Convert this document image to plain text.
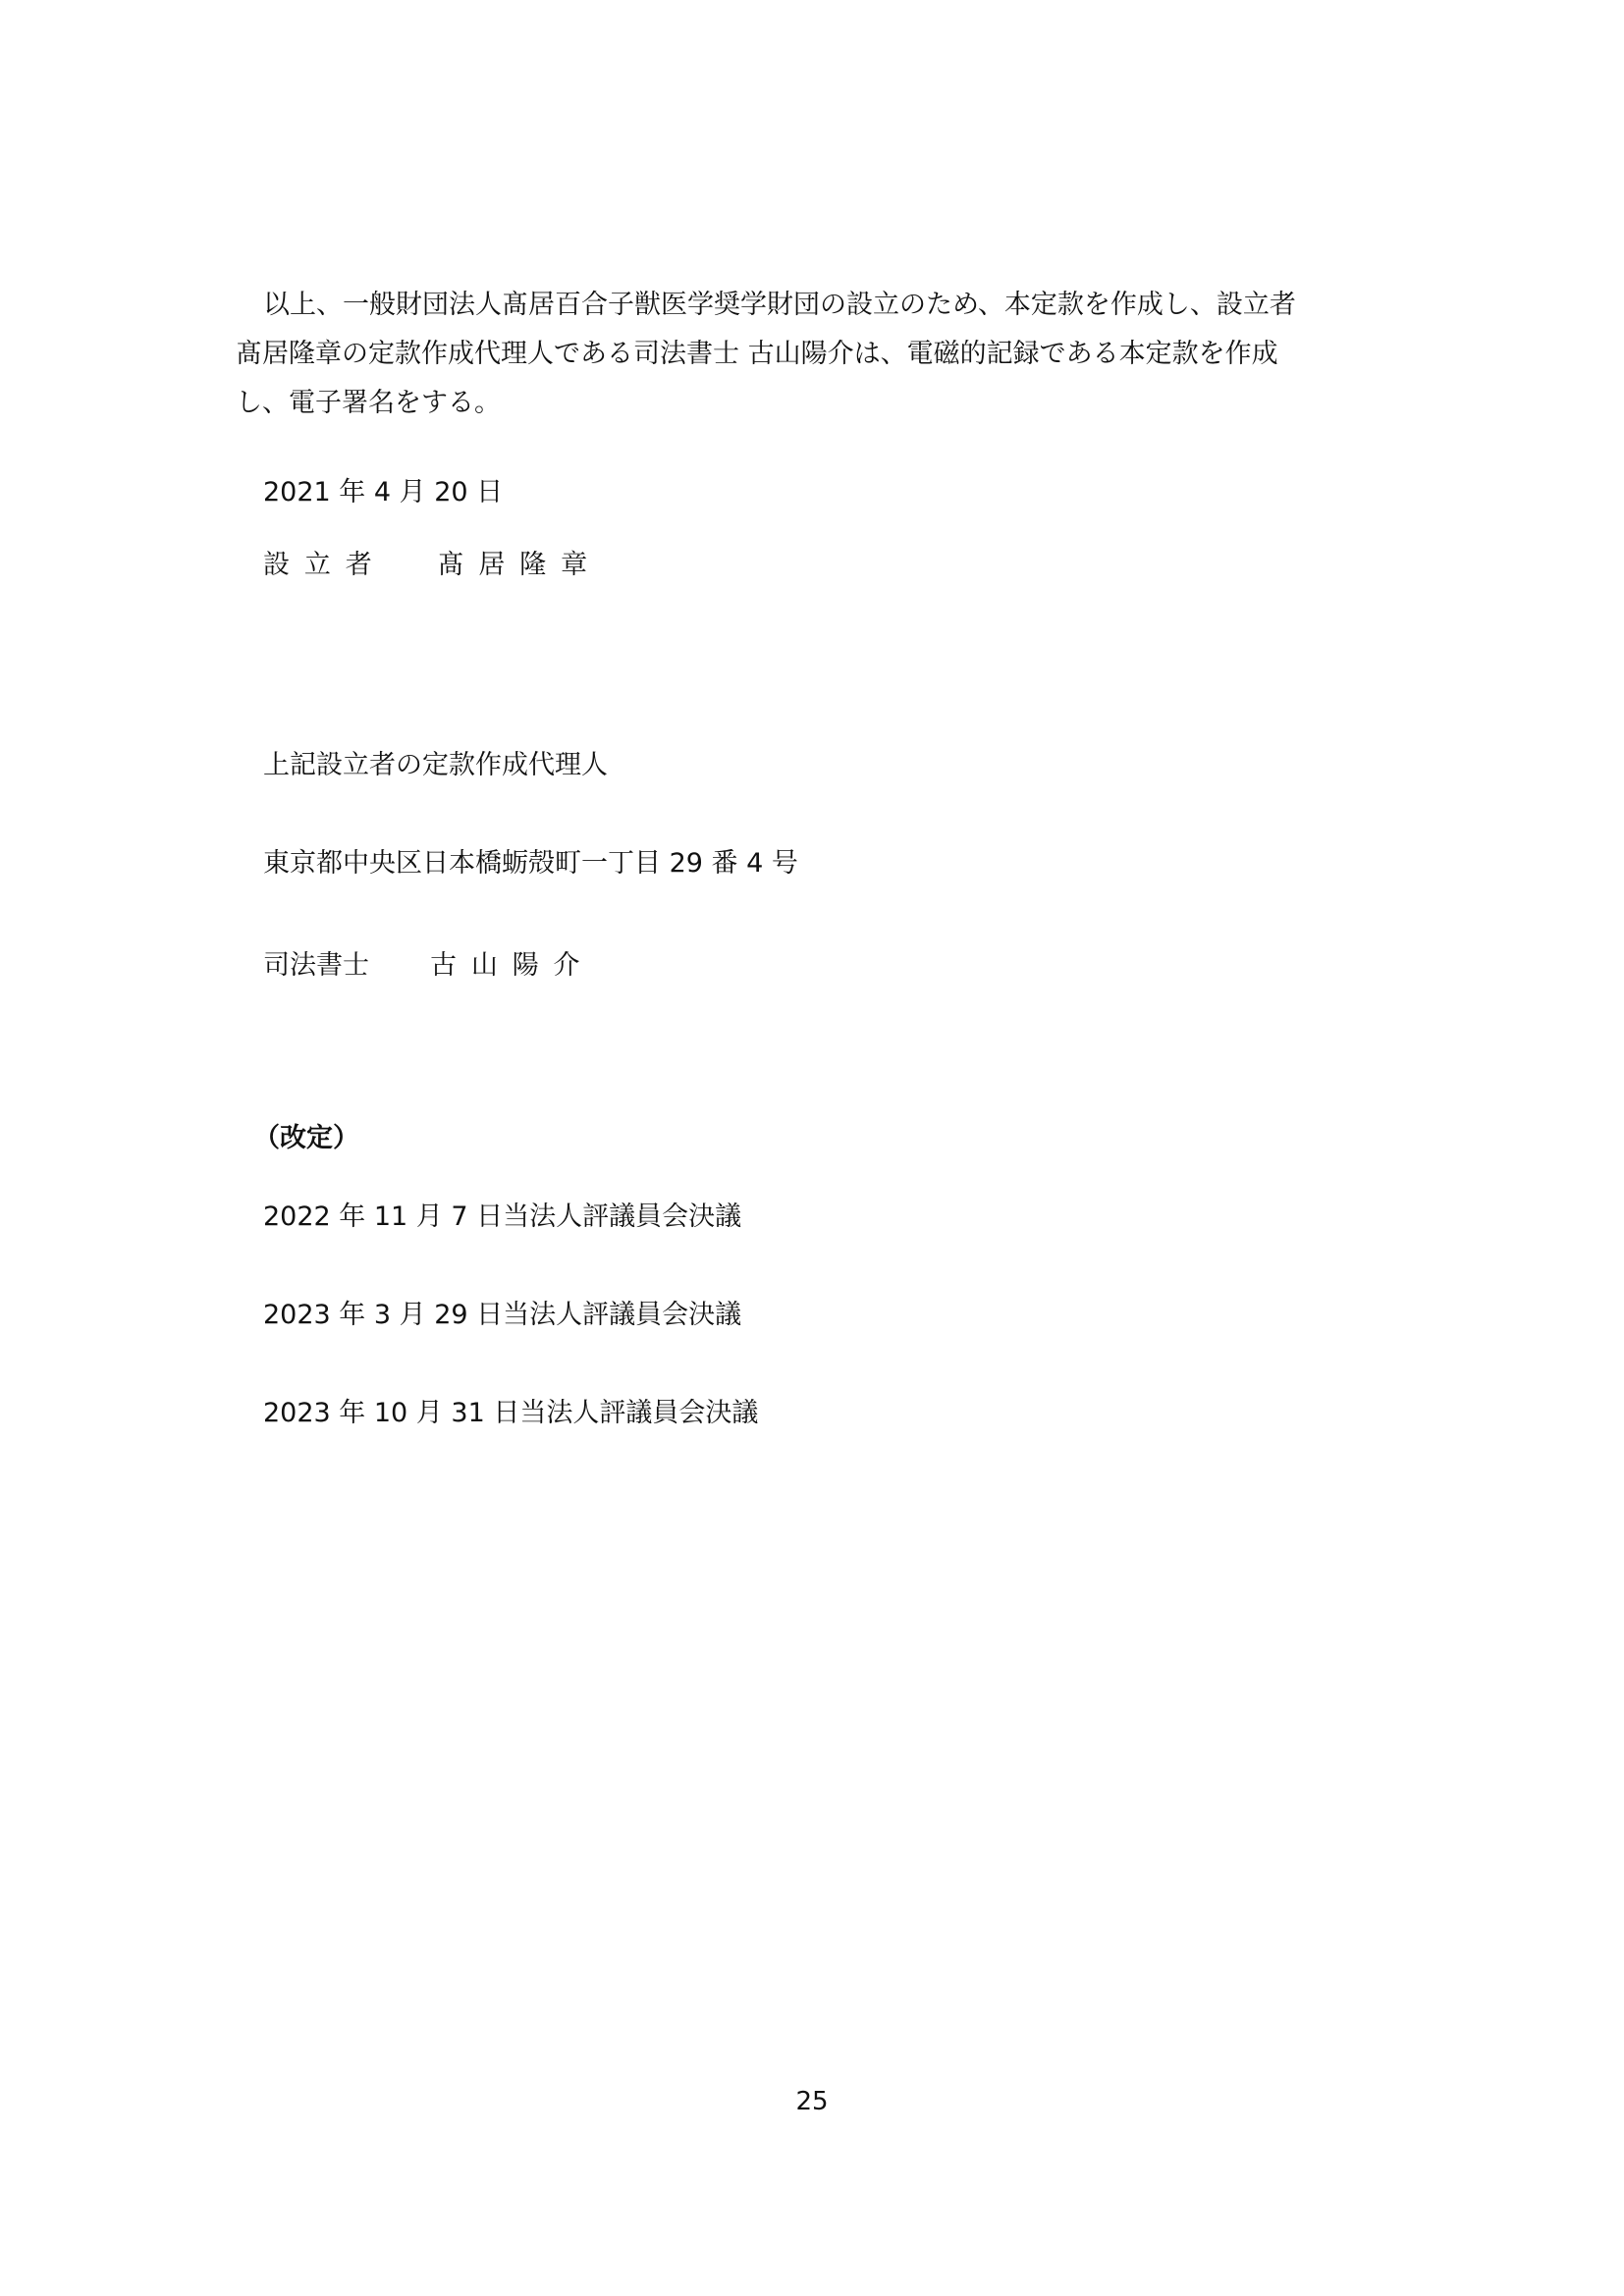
以上、一般財団法人髙居百合子獣医学奨学財団の設立のため、本定款を作成し、設立者
髙居隆章の定款作成代理人である司法書士 古山陽介は、電磁的記録である本定款を作成
し、電子署名をする。
2021 年 4 月 20 日
設立者 髙居隆章
上記設立者の定款作成代理人
東京都中央区日本橋蛎殻町一丁目 29 番 4 号
司法書士 古山陽介
（改定）
2022 年 11 月 7 日当法人評議員会決議
2023 年 3 月 29 日当法人評議員会決議
2023 年 10 月 31 日当法人評議員会決議
25
